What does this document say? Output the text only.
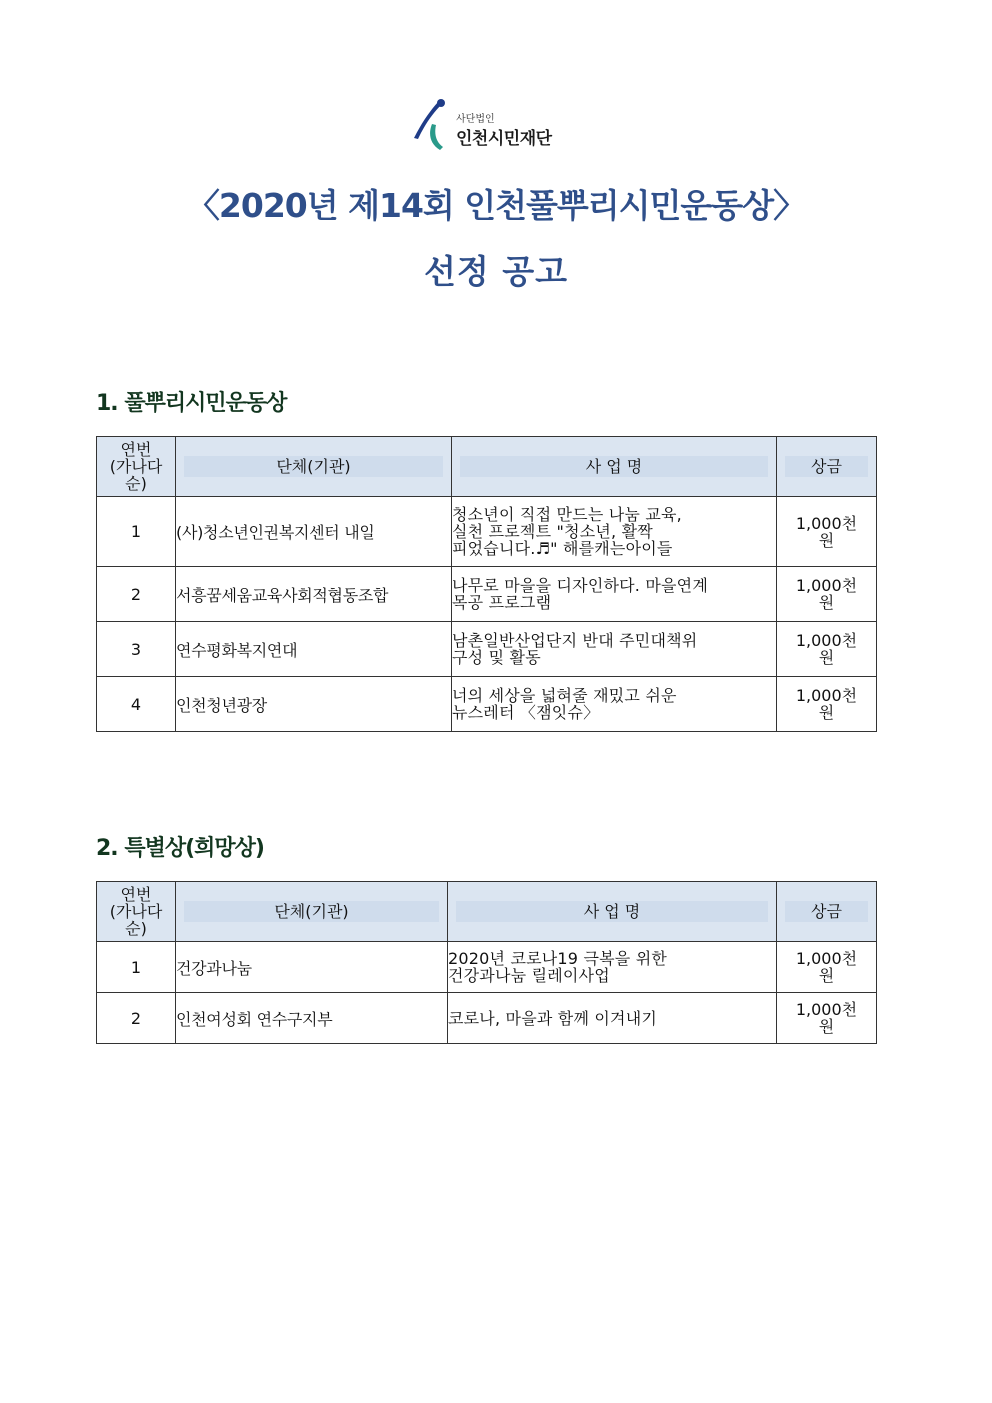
사단법인
인천시민재단
〈2020년 제14회 인천풀뿌리시민운동상〉
선정 공고
1. 풀뿌리시민운동상
연번
(가나다
순)	단체(기관)	사 업 명	상금

1	(사)청소년인권복지센터 내일	청소년이 직접 만드는 나눔 교육,
실천 프로젝트 "청소년, 활짝
피었습니다.♬" 해를캐는아이들	1,000천
원
2	서흥꿈세움교육사회적협동조합	나무로 마을을 디자인하다. 마을연계
목공 프로그램	1,000천
원
3	연수평화복지연대	남촌일반산업단지 반대 주민대책위
구성 및 활동	1,000천
원
4	인천청년광장	너의 세상을 넓혀줄 재밌고 쉬운
뉴스레터 〈잼잇슈〉	1,000천
원
2. 특별상(희망상)
연번
(가나다
순)	단체(기관)	사 업 명	상금

1	건강과나눔	2020년 코로나19 극복을 위한
건강과나눔 릴레이사업	1,000천
원
2	인천여성회 연수구지부	코로나, 마을과 함께 이겨내기	1,000천
원
